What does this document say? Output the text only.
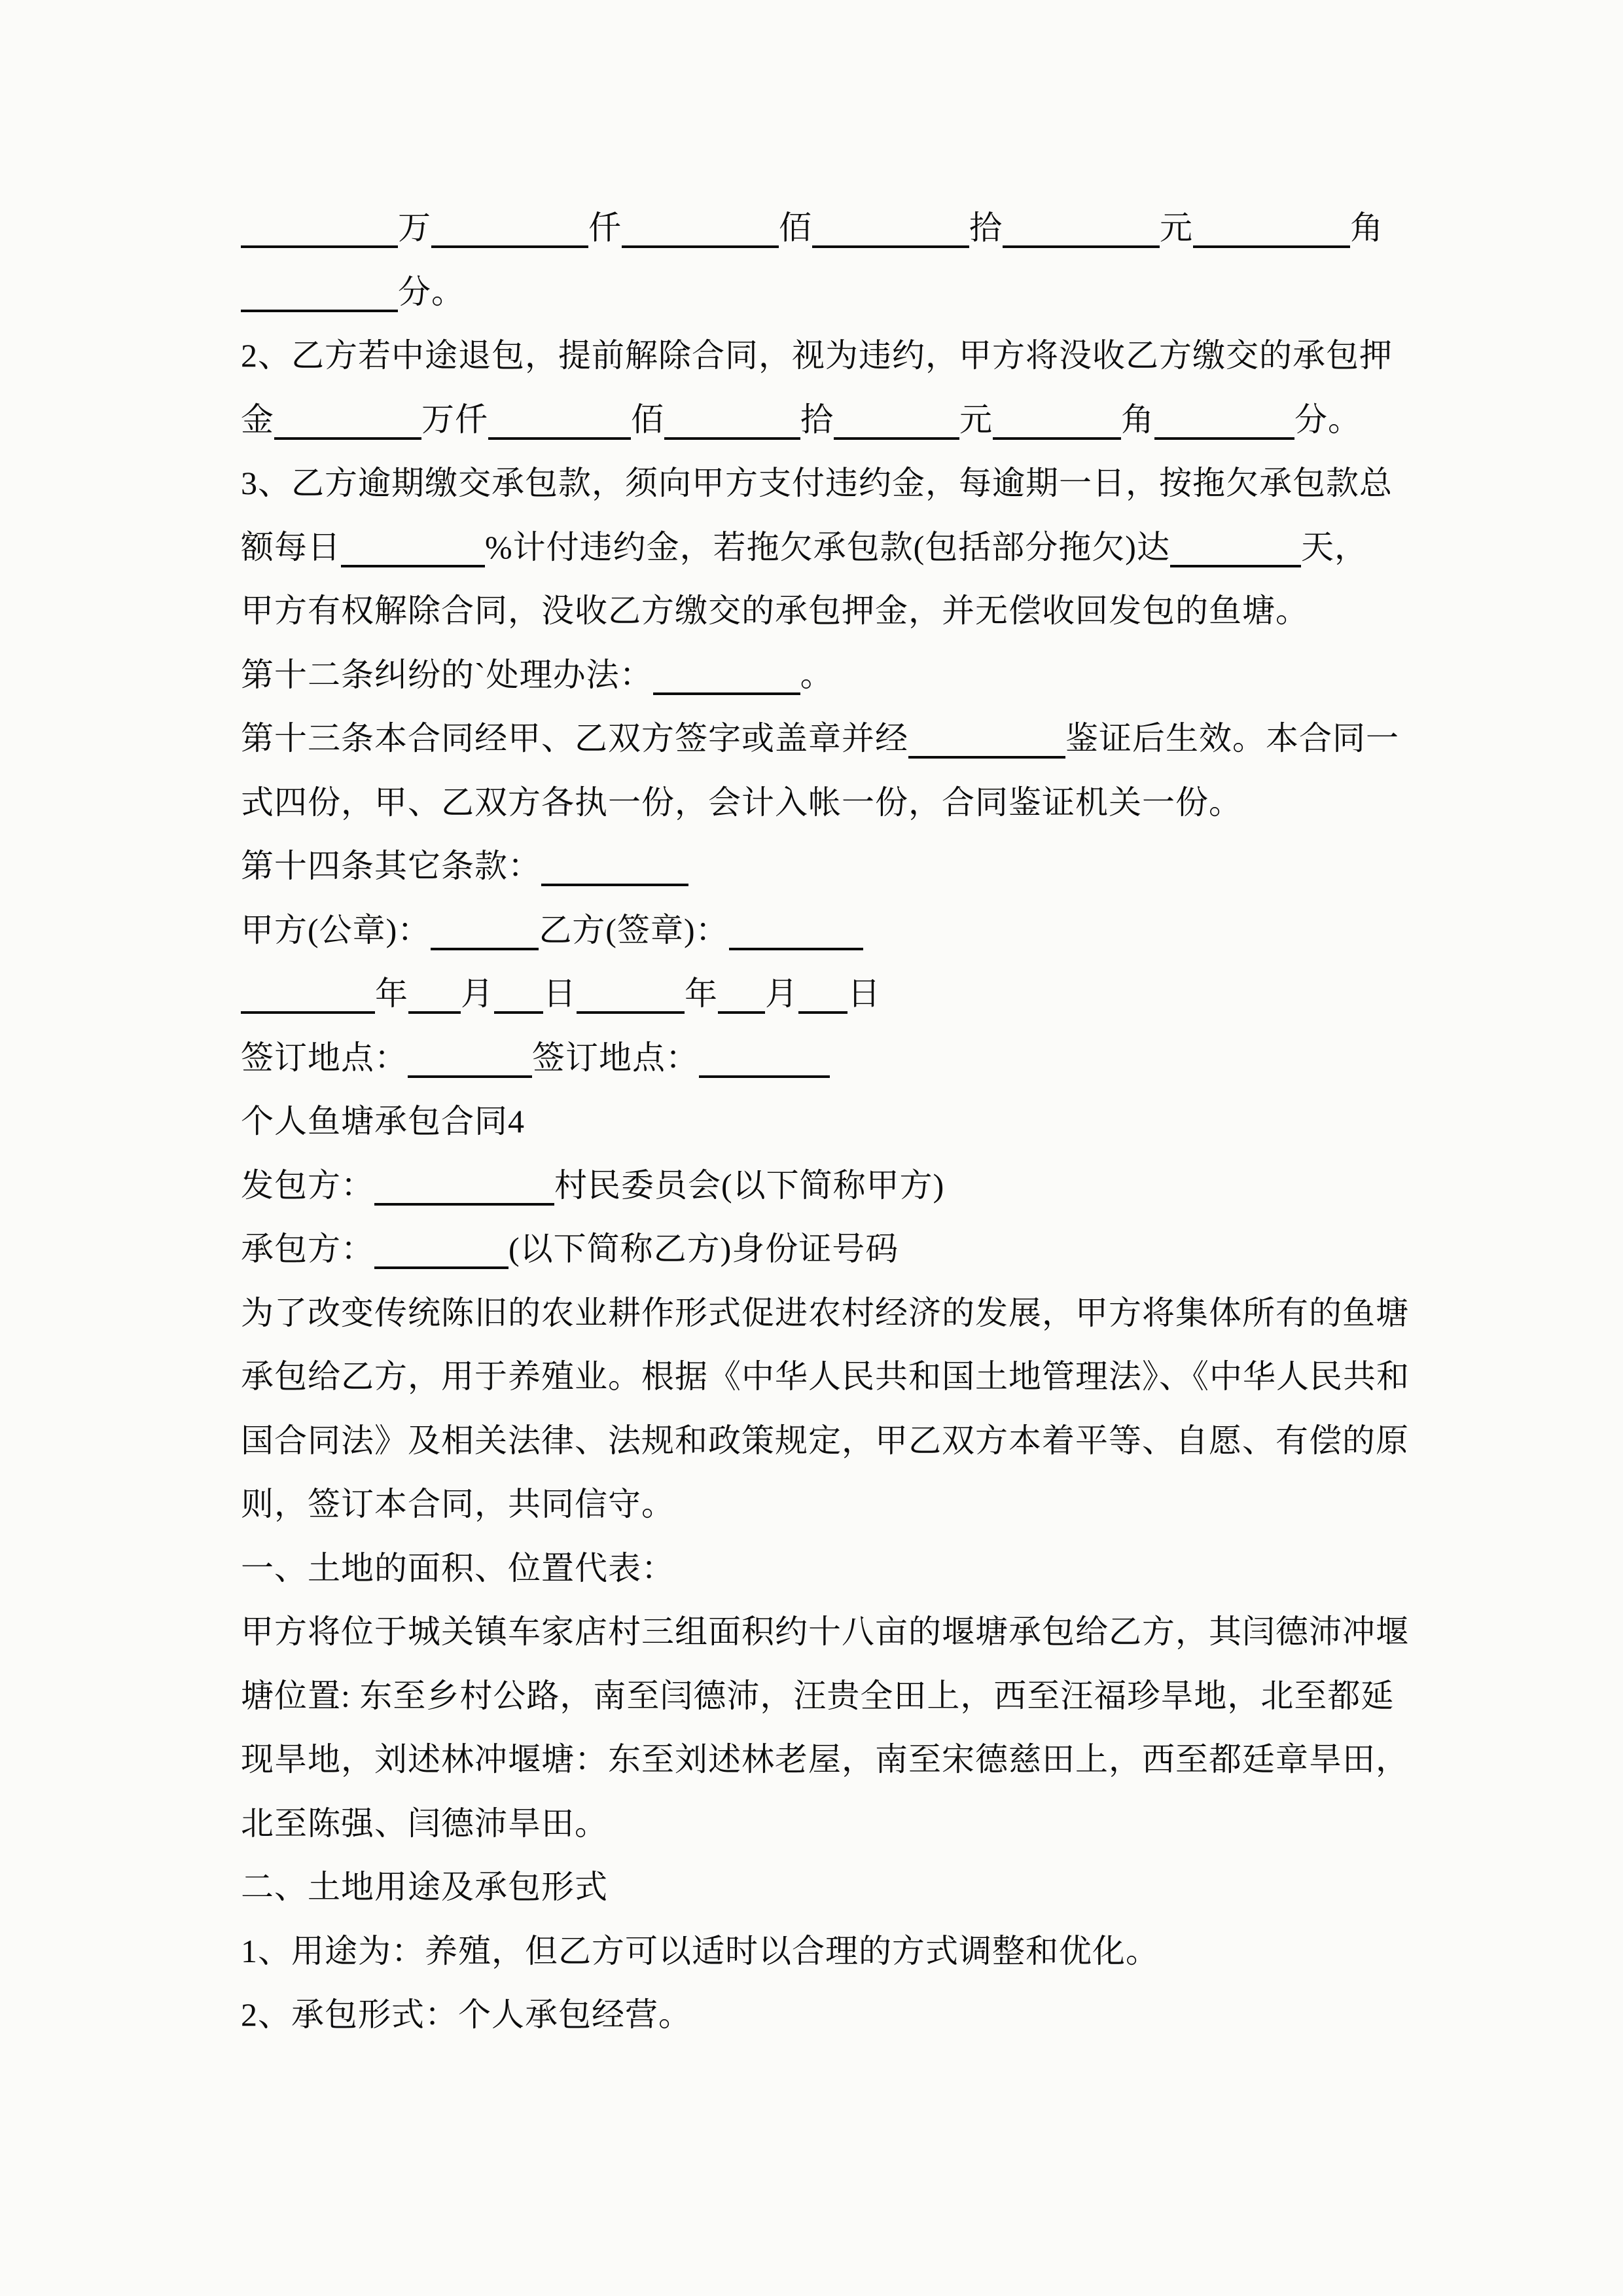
万	仟	佰	拾	元	角
分。
2、乙方若中途退包，提前解除合同，视为违约，甲方将没收乙方缴交的承包押
金	万仟	佰	拾	元	角	分。
3、乙方逾期缴交承包款，须向甲方支付违约金，每逾期一日，按拖欠承包款总
额每日	%计付违约金，若拖欠承包款(包括部分拖欠)达	天，
甲方有权解除合同，没收乙方缴交的承包押金，并无偿收回发包的鱼塘。
第十二条纠纷的`处理办法：	。
第十三条本合同经甲、乙双方签字或盖章并经	鉴证后生效。本合同一
式四份，甲、乙双方各执一份，会计入帐一份，合同鉴证机关一份。
第十四条其它条款：
甲方(公章)：	乙方(签章)：
年 月 日	年 月 日
签订地点：	签订地点：
个人鱼塘承包合同4
发包方：	村民委员会(以下简称甲方)
承包方：	(以下简称乙方)身份证号码
为了改变传统陈旧的农业耕作形式促进农村经济的发展，甲方将集体所有的鱼塘
承包给乙方，用于养殖业。根据《中华人民共和国土地管理法》、《中华人民共和
国合同法》及相关法律、法规和政策规定，甲乙双方本着平等、自愿、有偿的原
则，签订本合同，共同信守。
一、土地的面积、位置代表：
甲方将位于城关镇车家店村三组面积约十八亩的堰塘承包给乙方，其闫德沛冲堰
塘位置: 东至乡村公路，南至闫德沛，汪贵全田上，西至汪福珍旱地，北至都延
现旱地，刘述林冲堰塘：东至刘述林老屋，南至宋德慈田上，西至都廷章旱田，
北至陈强、闫德沛旱田。
二、土地用途及承包形式
1、用途为：养殖，但乙方可以适时以合理的方式调整和优化。
2、承包形式：个人承包经营。
